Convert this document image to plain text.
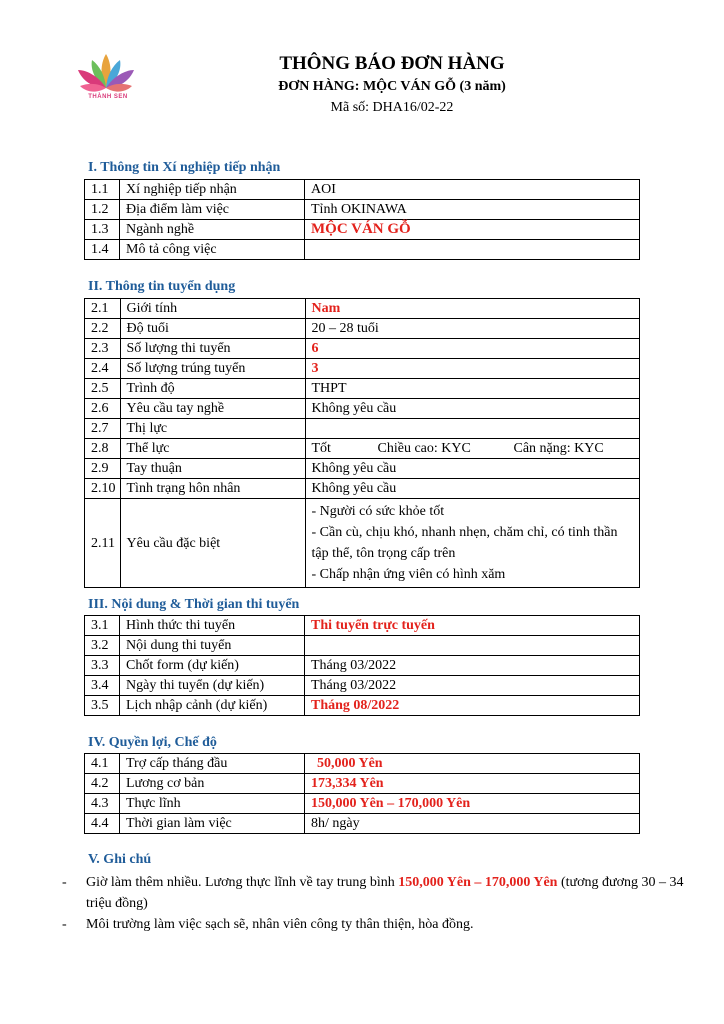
THÀNH SEN
THÔNG BÁO ĐƠN HÀNG
ĐƠN HÀNG: MỘC VÁN GỖ (3 năm)
Mã số: DHA16/02-22
I. Thông tin Xí nghiệp tiếp nhận
1.1	Xí nghiệp tiếp nhận	AOI
1.2	Địa điểm làm việc	Tỉnh OKINAWA
1.3	Ngành nghề	MỘC VÁN GỖ
1.4	Mô tả công việc	
II. Thông tin tuyển dụng
2.1	Giới tính	Nam
2.2	Độ tuổi	20 – 28 tuổi
2.3	Số lượng thi tuyển	6
2.4	Số lượng trúng tuyển	3
2.5	Trình độ	THPT
2.6	Yêu cầu tay nghề	Không yêu cầu
2.7	Thị lực	
2.8	Thể lực	Tốt Chiều cao: KYC Cân nặng: KYC
2.9	Tay thuận	Không yêu cầu
2.10	Tình trạng hôn nhân	Không yêu cầu
2.11	Yêu cầu đặc biệt	- Người có sức khỏe tốt
- Cần cù, chịu khó, nhanh nhẹn, chăm chỉ, có tinh thần
tập thể, tôn trọng cấp trên
- Chấp nhận ứng viên có hình xăm
III. Nội dung & Thời gian thi tuyển
3.1	Hình thức thi tuyển	Thi tuyển trực tuyến
3.2	Nội dung thi tuyển	
3.3	Chốt form (dự kiến)	Tháng 03/2022
3.4	Ngày thi tuyển (dự kiến)	Tháng 03/2022
3.5	Lịch nhập cảnh (dự kiến)	Tháng 08/2022
IV. Quyền lợi, Chế độ
4.1	Trợ cấp tháng đầu	50,000 Yên
4.2	Lương cơ bản	173,334 Yên
4.3	Thực lĩnh	150,000 Yên – 170,000 Yên
4.4	Thời gian làm việc	8h/ ngày
V. Ghi chú
- Giờ làm thêm nhiều. Lương thực lĩnh về tay trung bình 150,000 Yên – 170,000 Yên (tương đương 30 – 34 triệu đồng)
- Môi trường làm việc sạch sẽ, nhân viên công ty thân thiện, hòa đồng.
